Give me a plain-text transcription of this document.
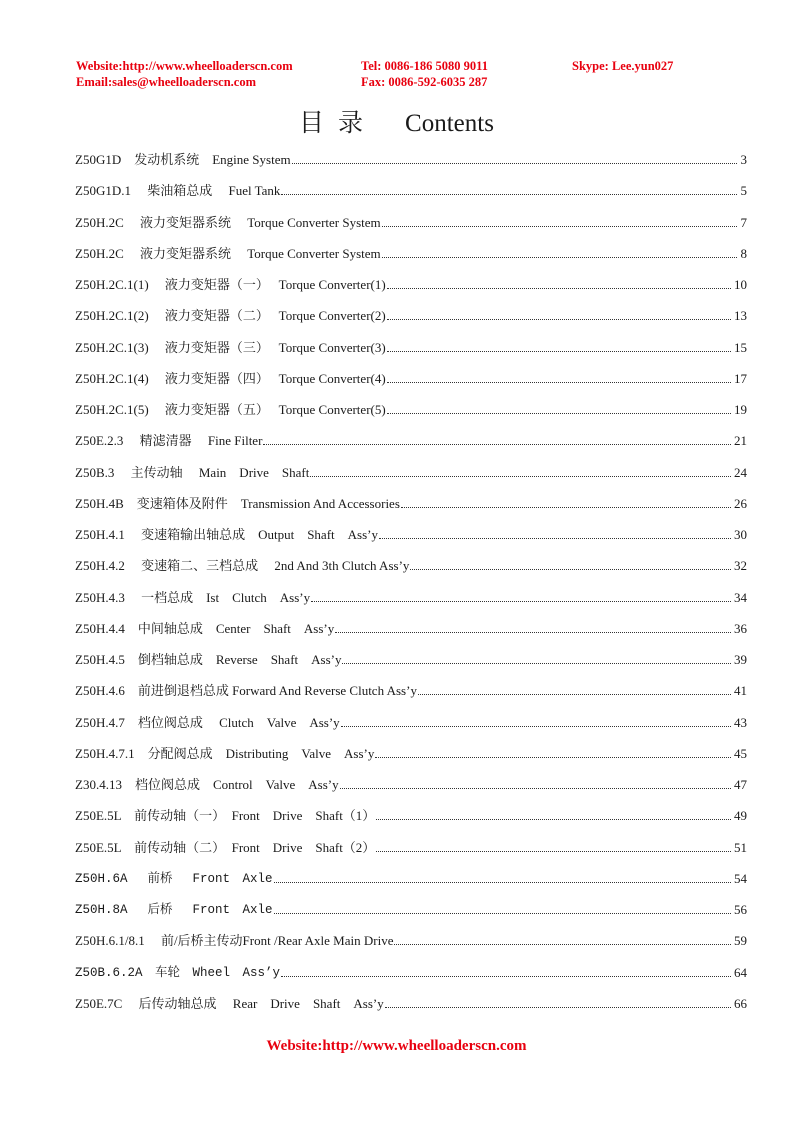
Website:http://www.wheelloaderscn.com
Email:sales@wheelloaderscn.com
Tel: 0086-186 5080 9011
Fax: 0086-592-6035 287
Skype: Lee.yun027
目录 Contents
Z50G1D　发动机系统　Engine System	3
Z50G1D.1　 柴油箱总成　 Fuel Tank	5
Z50H.2C　 液力变矩器系统　 Torque Converter System	7
Z50H.2C　 液力变矩器系统　 Torque Converter System	8
Z50H.2C.1(1)　 液力变矩器（一）　 Torque Converter(1)	10
Z50H.2C.1(2)　 液力变矩器（二）　 Torque Converter(2)	13
Z50H.2C.1(3)　 液力变矩器（三）　 Torque Converter(3)	15
Z50H.2C.1(4)　 液力变矩器（四）　 Torque Converter(4)	17
Z50H.2C.1(5)　 液力变矩器（五）　 Torque Converter(5)	19
Z50E.2.3　 精滤清器　 Fine Filter	21
Z50B.3　 主传动轴　 Main　Drive　Shaft	24
Z50H.4B　变速箱体及附件　Transmission And Accessories	26
Z50H.4.1　 变速箱输出轴总成　Output　Shaft　Ass’y	30
Z50H.4.2　 变速箱二、三档总成　 2nd And 3th Clutch Ass’y	32
Z50H.4.3　 一档总成　Ist　Clutch　Ass’y	34
Z50H.4.4　中间轴总成　Center　Shaft　Ass’y	36
Z50H.4.5　倒档轴总成　Reverse　Shaft　Ass’y	39
Z50H.4.6　前进倒退档总成 Forward And Reverse Clutch Ass’y	41
Z50H.4.7　档位阀总成　 Clutch　Valve　Ass’y	43
Z50H.4.7.1　分配阀总成　Distributing　Valve　Ass’y	45
Z30.4.13　档位阀总成　Control　Valve　Ass’y	47
Z50E.5L　前传动轴（一）　Front　Drive　Shaft（1）	49
Z50E.5L　前传动轴（二）　Front　Drive　Shaft（2）	51
Z50H.6A　 前桥　 Front　Axle	54
Z50H.8A　 后桥　 Front　Axle	56
Z50H.6.1/8.1　 前/后桥主传动Front /Rear Axle Main Drive	59
Z50B.6.2A　车轮　Wheel　Ass’y	64
Z50E.7C　 后传动轴总成　 Rear　Drive　Shaft　Ass’y	66
Website:http://www.wheelloaderscn.com
